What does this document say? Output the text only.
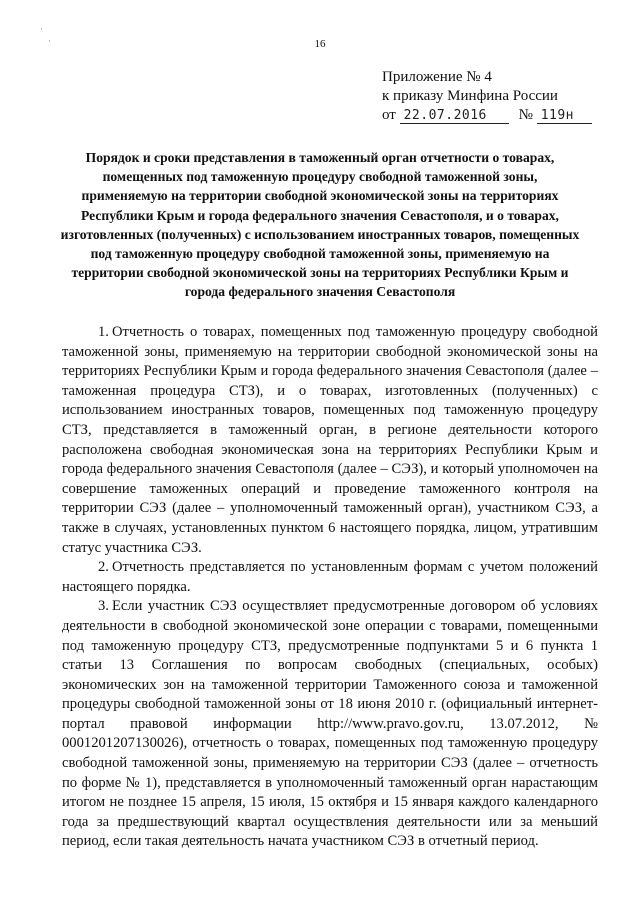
·
·	16
Приложение № 4
к приказу Минфина России
от 22.07.2016 № 119н
Порядок и сроки представления в таможенный орган отчетности о товарах, помещенных под таможенную процедуру свободной таможенной зоны, применяемую на территории свободной экономической зоны на территориях Республики Крым и города федерального значения Севастополя, и о товарах, изготовленных (полученных) с использованием иностранных товаров, помещенных под таможенную процедуру свободной таможенной зоны, применяемую на территории свободной экономической зоны на территориях Республики Крым и города федерального значения Севастополя

1. Отчетность о товарах, помещенных под таможенную процедуру свободной таможенной зоны, применяемую на территории свободной экономической зоны на территориях Республики Крым и города федерального значения Севастополя (далее – таможенная процедура СТЗ), и о товарах, изготовленных (полученных) с использованием иностранных товаров, помещенных под таможенную процедуру СТЗ, представляется в таможенный орган, в регионе деятельности которого расположена свободная экономическая зона на территориях Республики Крым и города федерального значения Севастополя (далее – СЭЗ), и который уполномочен на совершение таможенных операций и проведение таможенного контроля на территории СЭЗ (далее – уполномоченный таможенный орган), участником СЭЗ, а также в случаях, установленных пунктом 6 настоящего порядка, лицом, утратившим статус участника СЭЗ.

2. Отчетность представляется по установленным формам с учетом положений настоящего порядка.

3. Если участник СЭЗ осуществляет предусмотренные договором об условиях деятельности в свободной экономической зоне операции с товарами, помещенными под таможенную процедуру СТЗ, предусмотренные подпунктами 5 и 6 пункта 1 статьи 13 Соглашения по вопросам свободных (специальных, особых) экономических зон на таможенной территории Таможенного союза и таможенной процедуры свободной таможенной зоны от 18 июня 2010 г. (официальный интернет-портал правовой информации http://www.pravo.gov.ru, 13.07.2012, № 0001201207130026), отчетность о товарах, помещенных под таможенную процедуру свободной таможенной зоны, применяемую на территории СЭЗ (далее – отчетность по форме № 1), представляется в уполномоченный таможенный орган нарастающим итогом не позднее 15 апреля, 15 июля, 15 октября и 15 января каждого календарного года за предшествующий квартал осуществления деятельности или за меньший период, если такая деятельность начата участником СЭЗ в отчетный период.
